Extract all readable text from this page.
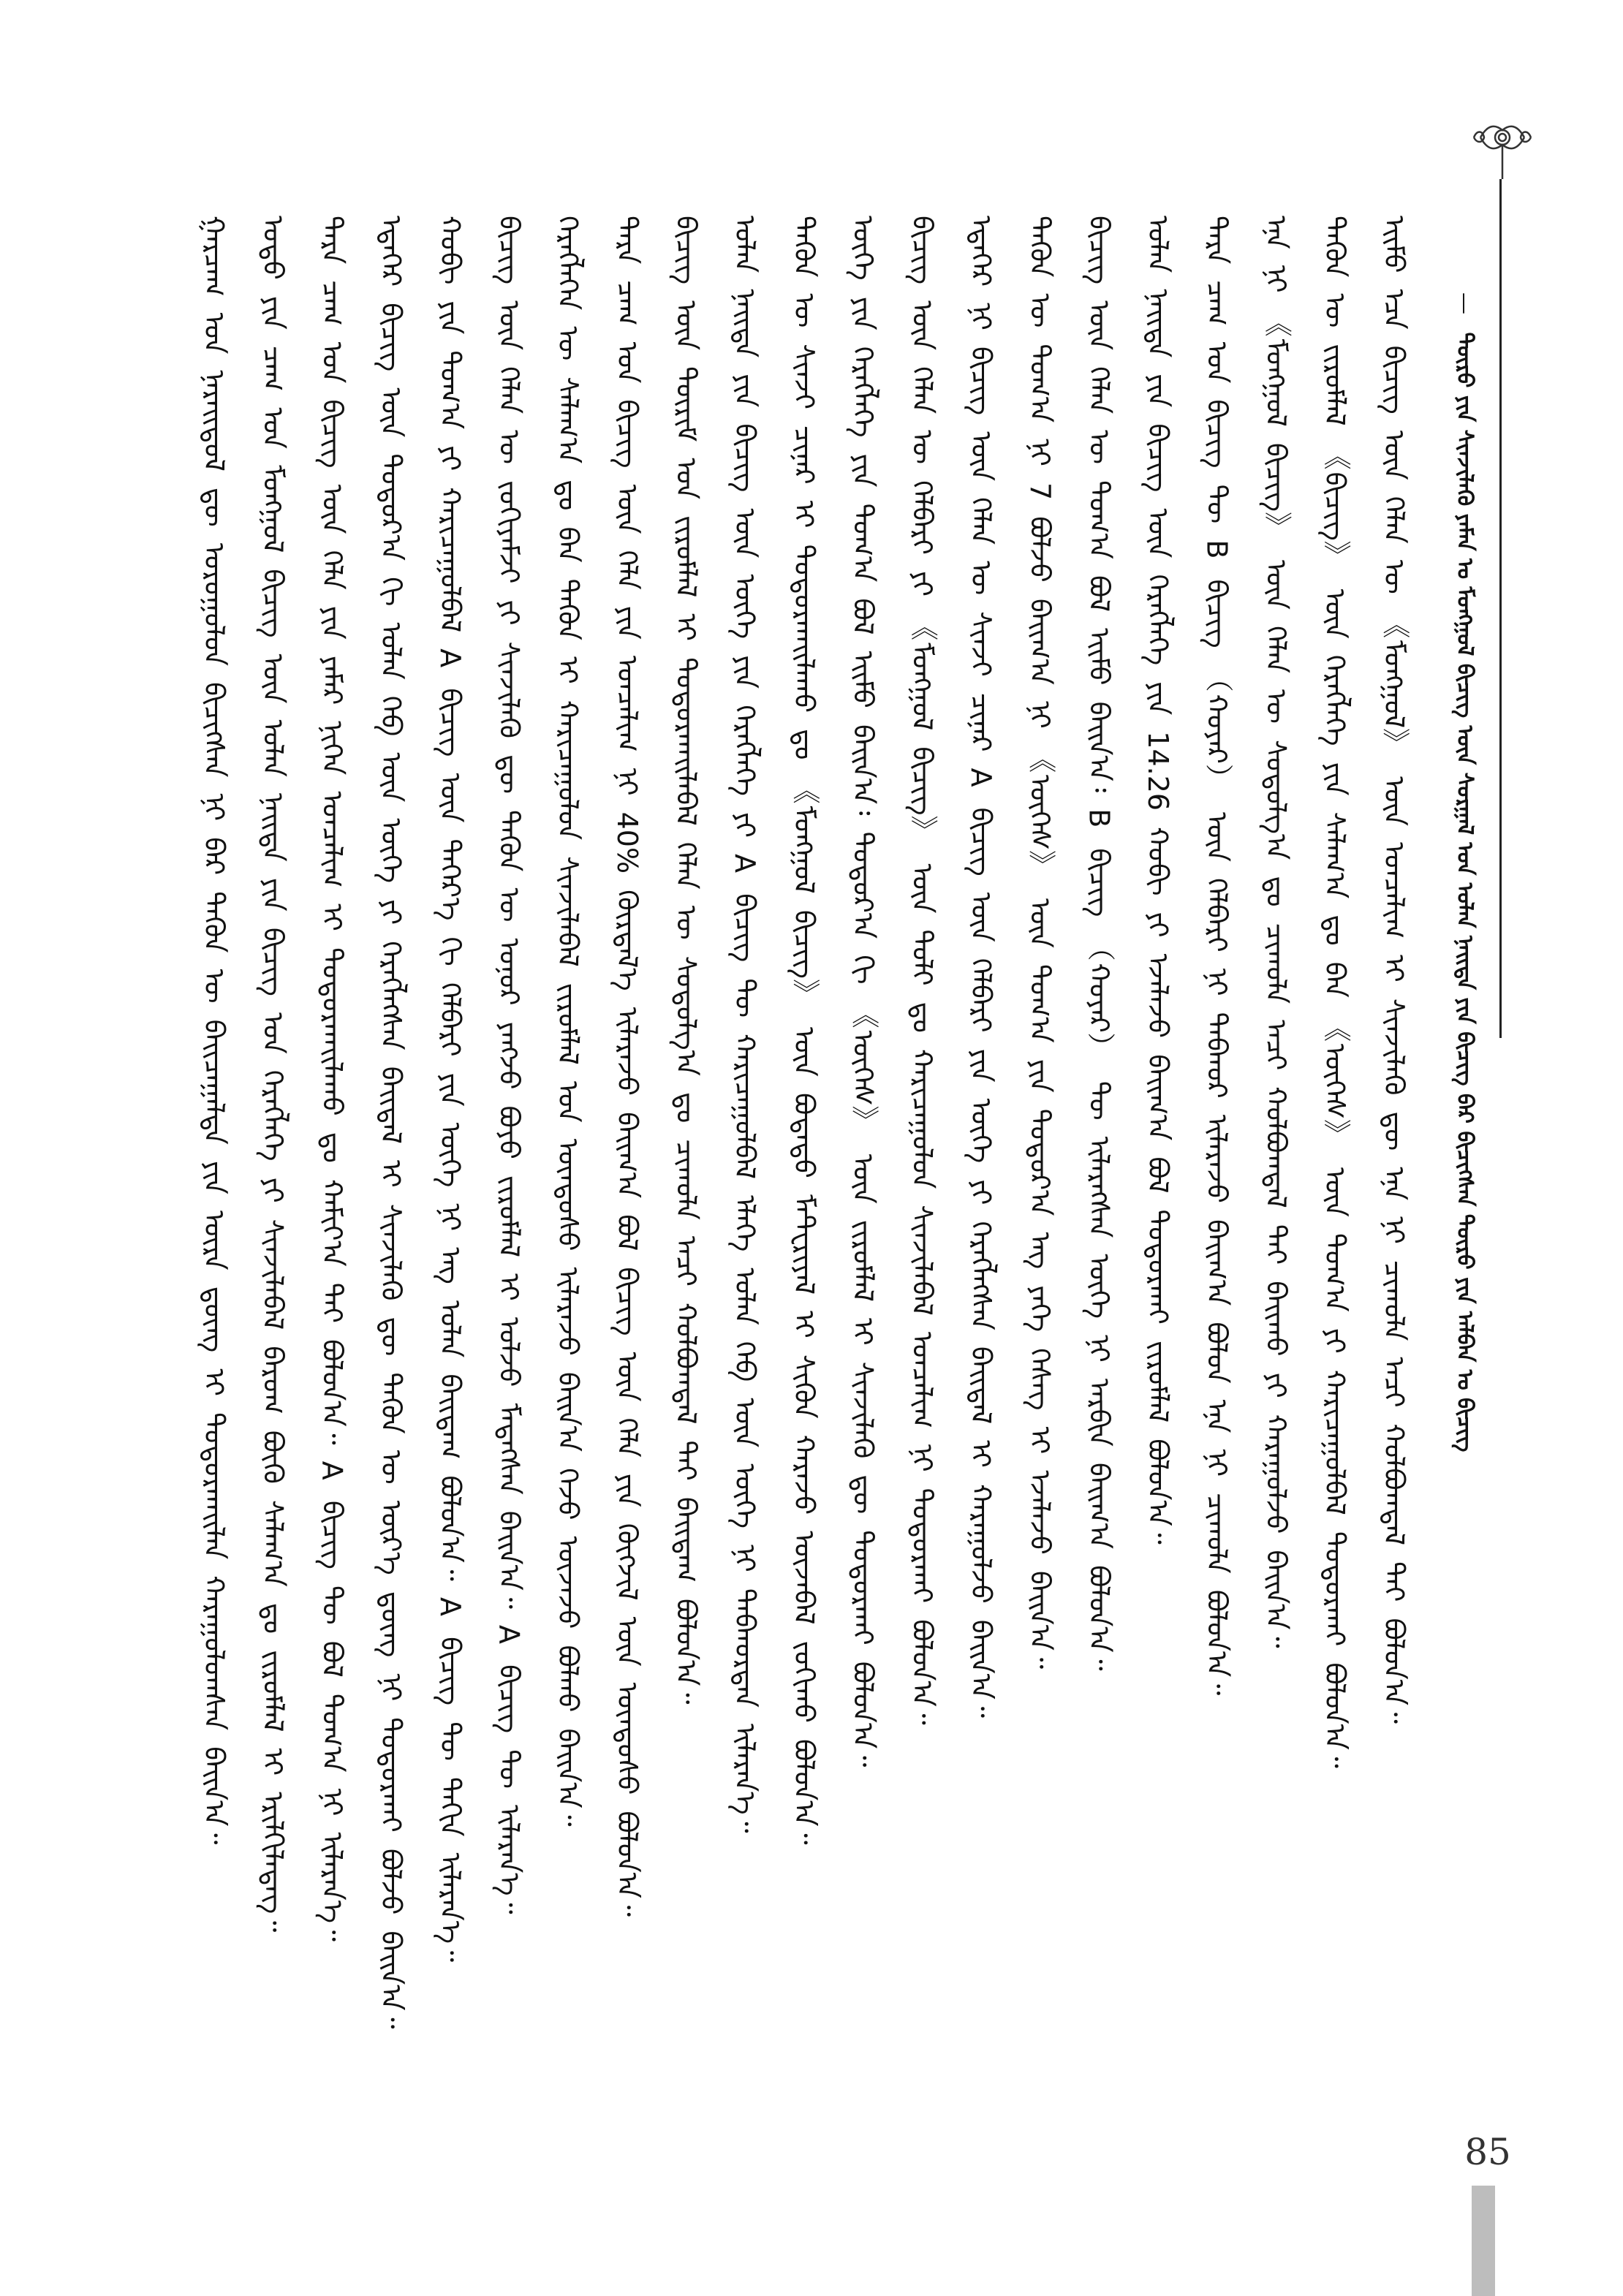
— ᠲᠥᠷᠥ ᠶᠢᠨ ᠰᠢᠨᠵᠢᠯᠡᠬᠦ ᠶᠠᠮᠠᠨ ᠤ ᠮᠣᠩᠭᠣᠯ ᠪᠢᠴᠢᠭ ᠦᠨ ᠰᠤᠷᠭᠠᠯ ᠤᠨ ᠣᠯᠠᠨ ᠨᠡᠢᠲᠡ ᠶᠢᠨ ᠪᠢᠴᠢᠭ ᠪᠠᠷ ᠪᠢᠴᠢᠭᠰᠡᠨ ᠲᠥᠷᠥ ᠶᠢᠨ ᠠᠯᠪᠠᠨ ᠤ ᠪᠢᠴᠢᠭ
ᠭᠠᠷᠴᠠᠭ ᠤᠨ ᠨᠡᠷᠡᠢᠳᠦᠯ ᠳᠦ ᠤᠷᠤᠭᠤᠯᠤᠨ ᠪᠢᠴᠢᠭᠰᠡᠨ ᠨᠢ ᠪᠡᠷ ᠲᠡᠭᠦᠨ ᠦ ᠪᠠᠢᠴᠠᠭᠠᠯᠲᠠ ᠶᠢᠨ ᠦᠷᠡ ᠳ᠋ᠦᠩ ᠢ ᠲᠣᠳᠣᠷᠬᠠᠢᠯᠠᠨ ᠬᠠᠷᠠᠭᠤᠯᠤᠭᠰᠠᠨ ᠪᠠᠢᠨ᠎ᠠ᠃ ᠣᠳᠣ ᠶᠢᠨ ᠴᠠᠭ ᠤᠨ ᠮᠣᠩᠭᠣᠯ ᠪᠢᠴᠢᠭ ᠦᠨ ᠣᠯᠠᠨ ᠨᠡᠢᠲᠡ ᠶᠢᠨ ᠪᠢᠴᠢᠭ ᠤᠨ ᠬᠡᠷᠡᠭᠯᠡᠭᠡ ᠶᠢ ᠰᠢᠨᠵᠢᠯᠡᠪᠡᠯ ᠪᠠᠷᠤᠭ ᠪᠦᠬᠦ ᠰᠠᠯᠠᠭ᠎ᠠ ᠳᠤ ᠵᠢᠷᠤᠮᠯᠠᠯ ᠢ ᠡᠷᠢᠯᠬᠢᠯᠡᠳᠡᠭ᠃ ᠲᠡᠷᠡ ᠴᠠᠭ ᠤᠨ ᠪᠢᠴᠢᠭ ᠦᠨ ᠬᠡᠯᠡ ᠶᠢᠨ ᠶᠠᠮᠠᠷ ᠨᠢᠭᠡᠨ ᠣᠨᠴᠠᠯᠢᠭ ᠢ ᠲᠣᠳᠣᠷᠬᠠᠢᠯᠠᠬᠤ ᠳᠤ ᠬᠠᠮᠢᠶ᠎ᠠ ᠲᠠᠢ ᠪᠣᠯᠤᠨ᠎ᠠ᠃ A ᠪᠢᠴᠢᠭ ᠲᠦ ᠪᠣᠯ ᠲᠣᠭ᠎ᠠ ᠨᠢ ᠢᠯᠡᠷᠡᠨ᠎ᠡ᠃ ᠡᠳᠡᠭᠡᠷ ᠪᠢᠴᠢᠭ ᠦᠨ ᠳᠣᠲᠣᠷ᠎ᠠ ᠬᠢ ᠣᠯᠠᠨ ᠬᠡᠪ ᠦᠨ ᠦᠭᠡ ᠶᠢ ᠬᠡᠷᠡᠭᠯᠡᠭᠰᠡᠨ ᠪᠠᠢᠳᠠᠯ ᠢ ᠰᠢᠨᠵᠢᠯᠡᠬᠦ ᠳᠦ ᠲᠡᠭᠦᠨ ᠦ ᠦᠷ᠎ᠡ ᠳ᠋ᠦᠩ ᠨᠢ ᠲᠣᠳᠣᠷᠬᠠᠢ ᠪᠣᠯᠵᠤ ᠪᠠᠢᠨ᠎ᠠ᠃ ᠬᠤᠪᠢ ᠶᠢᠨ ᠲᠣᠭ᠎ᠠ ᠶᠢ ᠬᠠᠷᠢᠴᠠᠭᠤᠯᠪᠠᠯ A ᠪᠢᠴᠢᠭ ᠦᠨ ᠳᠡᠭᠡᠷ᠎ᠡ ᠬᠢ ᠬᠡᠯᠪᠡᠷᠢ ᠶᠢᠨ ᠦᠭᠡ ᠨᠢ ᠡᠩ ᠤᠯᠠᠨ ᠪᠠᠢᠳᠠᠭ ᠪᠣᠯᠤᠨ᠎ᠠ᠃ A ᠪᠢᠴᠢᠭ ᠲᠦ ᠳᠠᠬᠢᠨ ᠢᠯᠡᠷᠡᠨ᠎ᠡ᠃ ᠪᠢᠴᠢᠭ ᠦᠨ ᠬᠡᠯᠡᠨ ᠦ ᠵᠣᠬᠢᠶᠠᠮᠵᠢ ᠶᠢ ᠰᠢᠨᠵᠢᠯᠡᠬᠦ ᠳᠦ ᠲᠡᠭᠦᠨ ᠦ ᠤᠨᠤᠷ ᠶᠠᠩᠵᠤ ᠪᠤᠶᠤ ᠵᠢᠷᠤᠮᠯᠠᠯ ᠢ ᠣᠯᠵᠤ ᠮᠡᠳᠡᠭᠰᠡᠨ ᠪᠠᠢᠨ᠎ᠠ᠃ A ᠪᠢᠴᠢᠭ ᠲᠦ ᠢᠯᠡᠷᠡᠨ᠎ᠡ᠃ ᠬᠡᠷᠡᠭᠯᠡᠭᠡᠨ ᠦ ᠰᠠᠯᠠᠭ᠎ᠠ ᠳᠤ ᠪᠡᠨ ᠲᠡᠭᠦᠨ ᠢ ᠬᠠᠷᠢᠴᠠᠭᠤᠯᠤᠨ ᠰᠢᠨᠵᠢᠯᠡᠪᠡᠯ ᠵᠢᠷᠤᠮᠯᠠᠯ ᠤᠨ ᠦᠨᠳᠦᠰᠦ ᠢᠯᠡᠷᠡᠵᠦ ᠪᠠᠢᠨ᠎ᠠ ᠭᠡᠵᠦ ᠦᠵᠡᠵᠦ ᠪᠣᠯᠬᠤ ᠪᠠᠢᠨ᠎ᠠ᠃ ᠲᠡᠷᠡ ᠴᠠᠭ ᠤᠨ ᠪᠢᠴᠢᠭ ᠦᠨ ᠬᠡᠯᠡ ᠶᠢᠨ ᠣᠨᠴᠠᠯᠢᠭ ᠨᠢ 40% ᠬᠦᠷᠲᠡᠯ᠎ᠡ ᠢᠯᠡᠷᠡᠵᠦ ᠪᠠᠢᠭ᠎ᠠ ᠪᠣᠯ ᠪᠢᠴᠢᠭ ᠦᠨ ᠬᠡᠯᠡ ᠶᠢᠨ ᠬᠥᠭᠵᠢᠯ ᠦᠨ ᠦᠨᠳᠦᠰᠦ ᠪᠣᠯᠤᠨ᠎ᠠ᠃ ᠪᠢᠴᠢᠭ ᠦᠨ ᠳᠦᠷᠢᠮ ᠤᠨ ᠵᠢᠷᠤᠮᠯᠠᠯ ᠢ ᠲᠣᠳᠣᠷᠬᠠᠢᠯᠠᠪᠠᠯ ᠬᠡᠯᠡᠨ ᠦ ᠰᠤᠳᠤᠯᠭ᠎ᠠ ᠳᠤ ᠴᠢᠬᠤᠯᠠ ᠠᠴᠢ ᠬᠣᠯᠪᠣᠭᠳᠠᠯ ᠲᠠᠢ ᠪᠠᠢᠳᠠᠭ ᠪᠣᠯᠤᠨ᠎ᠠ᠃ ᠣᠯᠠᠨ ᠨᠡᠢᠲᠡ ᠶᠢᠨ ᠪᠢᠴᠢᠭ ᠦᠨ ᠦᠭᠡ ᠶᠢᠨ ᠬᠡᠷᠡᠭᠯᠡᠭᠡ ᠶᠢ A ᠪᠢᠴᠢᠭ ᠲᠦ ᠬᠠᠷᠢᠴᠠᠭᠤᠯᠪᠠᠯ ᠡᠯᠡᠭᠡ ᠣᠯᠠᠨ ᠬᠡᠪ ᠦᠨ ᠦᠭᠡ ᠨᠢ ᠳᠠᠪᠬᠤᠷᠳᠠᠨ ᠢᠯᠡᠷᠡᠨ᠎ᠡ᠃ ᠲᠡᠭᠦᠨ ᠦ ᠰᠢᠨᠵᠢ ᠴᠢᠨᠠᠷ ᠢ ᠲᠣᠳᠣᠷᠬᠠᠢᠯᠠᠬᠤ ᠳᠤ 《ᠮᠣᠩᠭᠣᠯ ᠪᠢᠴᠢᠭ》 ᠦᠨ ᠪᠣᠳᠠᠲᠤ ᠮᠠᠲ᠋ᠧᠷᠢᠶᠠᠯ ᠢ ᠰᠢᠭᠦᠨ ᠬᠠᠷᠠᠵᠤ ᠦᠵᠡᠪᠡᠯ ᠵᠣᠬᠢᠬᠤ ᠪᠣᠯᠤᠨ᠎ᠠ᠃ ᠦᠭᠡ ᠶᠢᠨ ᠬᠡᠷᠡᠭᠯᠡᠭᠡ ᠶᠢᠨ ᠲᠣᠭ᠎ᠠ ᠪᠣᠯ ᠡᠢᠮᠦ ᠪᠠᠢᠨ᠎ᠠ᠄ ᠳᠣᠲᠣᠷ᠎ᠠ ᠬᠢ 《ᠦᠭᠡᠰ》 ᠦᠨ ᠵᠢᠷᠤᠮᠯᠠᠯ ᠢ ᠰᠢᠨᠵᠢᠯᠡᠬᠦ ᠳᠦ ᠲᠣᠳᠣᠷᠬᠠᠢ ᠪᠣᠯᠤᠨ᠎ᠠ᠃ ᠪᠢᠴᠢᠭ ᠦᠨ ᠬᠡᠯᠡᠨ ᠦ ᠬᠡᠯᠪᠡᠷᠢ ᠶᠢ 《ᠮᠣᠩᠭᠣᠯ ᠪᠢᠴᠢᠭ》 ᠦᠨ ᠲᠣᠯᠢ ᠳᠤ ᠬᠠᠷᠢᠴᠠᠭᠤᠯᠤᠨ ᠰᠢᠨᠵᠢᠯᠡᠪᠡᠯ ᠣᠨᠴᠠᠯᠢᠭ ᠨᠢ ᠲᠣᠳᠣᠷᠬᠠᠢ ᠪᠣᠯᠤᠨ᠎ᠠ᠃ ᠡᠳᠡᠭᠡᠷ ᠨᠢ ᠪᠢᠴᠢᠭ ᠦᠨ ᠬᠡᠯᠡᠨ ᠦ ᠰᠢᠨᠵᠢ ᠴᠢᠨᠠᠷ A ᠪᠢᠴᠢᠭ ᠦᠨ ᠬᠡᠯᠪᠡᠷᠢ ᠶᠢᠨ ᠦᠭᠡ ᠶᠢ ᠬᠡᠷᠡᠭᠯᠡᠭᠰᠡᠨ ᠪᠠᠢᠳᠠᠯ ᠢ ᠬᠠᠷᠠᠭᠤᠯᠵᠤ ᠪᠠᠢᠨ᠎ᠠ᠃ ᠲᠡᠭᠦᠨ ᠦ ᠲᠣᠭ᠎ᠠ ᠨᠢ 7 ᠪᠣᠯᠵᠤ ᠪᠠᠢᠭ᠎ᠠ ᠨᠢ 《ᠦᠭᠡᠰ》 ᠦᠨ ᠲᠣᠭ᠎ᠠ ᠶᠢᠨ ᠳᠣᠲᠣᠷ᠎ᠠ ᠡᠩ ᠶᠡᠬᠡ ᠬᠡᠰᠡᠭ ᠢ ᠡᠵᠡᠯᠡᠵᠦ ᠪᠠᠢᠨ᠎ᠠ᠃ ᠪᠢᠴᠢᠭ ᠦᠨ ᠬᠡᠯᠡᠨ ᠦ ᠲᠣᠭ᠎ᠠ ᠪᠣᠯ ᠡᠢᠮᠦ ᠪᠠᠢᠨ᠎ᠠ᠄ B ᠪᠢᠴᠢᠭ （ᠬᠣᠶᠠᠷ） ᠲᠦ ᠢᠯᠡᠷᠡᠭᠰᠡᠨ ᠦᠭᠡ ᠨᠢ ᠠᠷᠪᠢᠨ ᠪᠠᠢᠭ᠎ᠠ ᠪᠣᠯᠤᠨ᠎ᠠ᠃ ᠣᠯᠠᠨ ᠨᠡᠢᠲᠡ ᠶᠢᠨ ᠪᠢᠴᠢᠭ ᠦᠨ ᠬᠡᠷᠡᠭᠯᠡᠭᠡ ᠶᠢᠨ 14.26 ᠬᠤᠪᠢ ᠶᠢ ᠡᠵᠡᠯᠡᠵᠦ ᠪᠠᠢᠭ᠎ᠠ ᠪᠣᠯ ᠲᠣᠳᠣᠷᠬᠠᠢ ᠵᠢᠷᠤᠮᠯᠠᠯ ᠪᠣᠯᠤᠨ᠎ᠠ᠃ ᠲᠡᠷᠡ ᠴᠠᠭ ᠤᠨ ᠪᠢᠴᠢᠭ ᠲᠦ B ᠪᠢᠴᠢᠭ （ᠬᠣᠶᠠᠷ） ᠦᠨ ᠬᠡᠯᠪᠡᠷᠢ ᠨᠢ ᠳᠠᠪᠬᠤᠷ ᠢᠯᠡᠷᠡᠵᠦ ᠪᠠᠢᠭ᠎ᠠ ᠪᠣᠯᠤᠨ ᠡᠨᠡ ᠨᠢ ᠴᠢᠬᠤᠯᠠ ᠪᠣᠯᠤᠨ᠎ᠠ᠃ ᠡᠨᠡ ᠨᠢ 《ᠮᠣᠩᠭᠣᠯ ᠪᠢᠴᠢᠭ》 ᠦᠨ ᠬᠡᠯᠡᠨ ᠦ ᠰᠤᠳᠤᠯᠭ᠎ᠠ ᠳᠤ ᠴᠢᠬᠤᠯᠠ ᠠᠴᠢ ᠬᠣᠯᠪᠣᠭᠳᠠᠯ ᠲᠠᠢ ᠪᠠᠢᠬᠤ ᠶᠢ ᠬᠠᠷᠠᠭᠤᠯᠵᠤ ᠪᠠᠢᠨ᠎ᠠ᠃ ᠲᠡᠭᠦᠨ ᠦ ᠵᠢᠷᠤᠮᠯᠠᠯ 《ᠪᠢᠴᠢᠭ》 ᠦᠨ ᠬᠡᠷᠡᠭᠯᠡᠭᠡ ᠶᠢᠨ ᠰᠠᠯᠠᠭ᠎ᠠ ᠳᠤ ᠪᠡᠨ 《ᠦᠭᠡᠰ》 ᠦᠨ ᠲᠣᠭ᠎ᠠ ᠶᠢ ᠬᠠᠷᠢᠴᠠᠭᠤᠯᠪᠠᠯ ᠲᠣᠳᠣᠷᠬᠠᠢ ᠪᠣᠯᠤᠨ᠎ᠠ᠃ ᠡᠢᠮᠦ ᠡᠴᠡ ᠪᠢᠴᠢᠭ ᠦᠨ ᠬᠡᠯᠡᠨ ᠦ 《ᠮᠣᠩᠭᠣᠯ》 ᠦᠨ ᠣᠨᠴᠠᠯᠢᠭ ᠢ ᠰᠢᠨᠵᠢᠯᠡᠬᠦ ᠳᠦ ᠡᠨᠡ ᠨᠢ ᠴᠢᠬᠤᠯᠠ ᠠᠴᠢ ᠬᠣᠯᠪᠣᠭᠳᠠᠯ ᠲᠠᠢ ᠪᠣᠯᠤᠨ᠎ᠠ᠃
85
